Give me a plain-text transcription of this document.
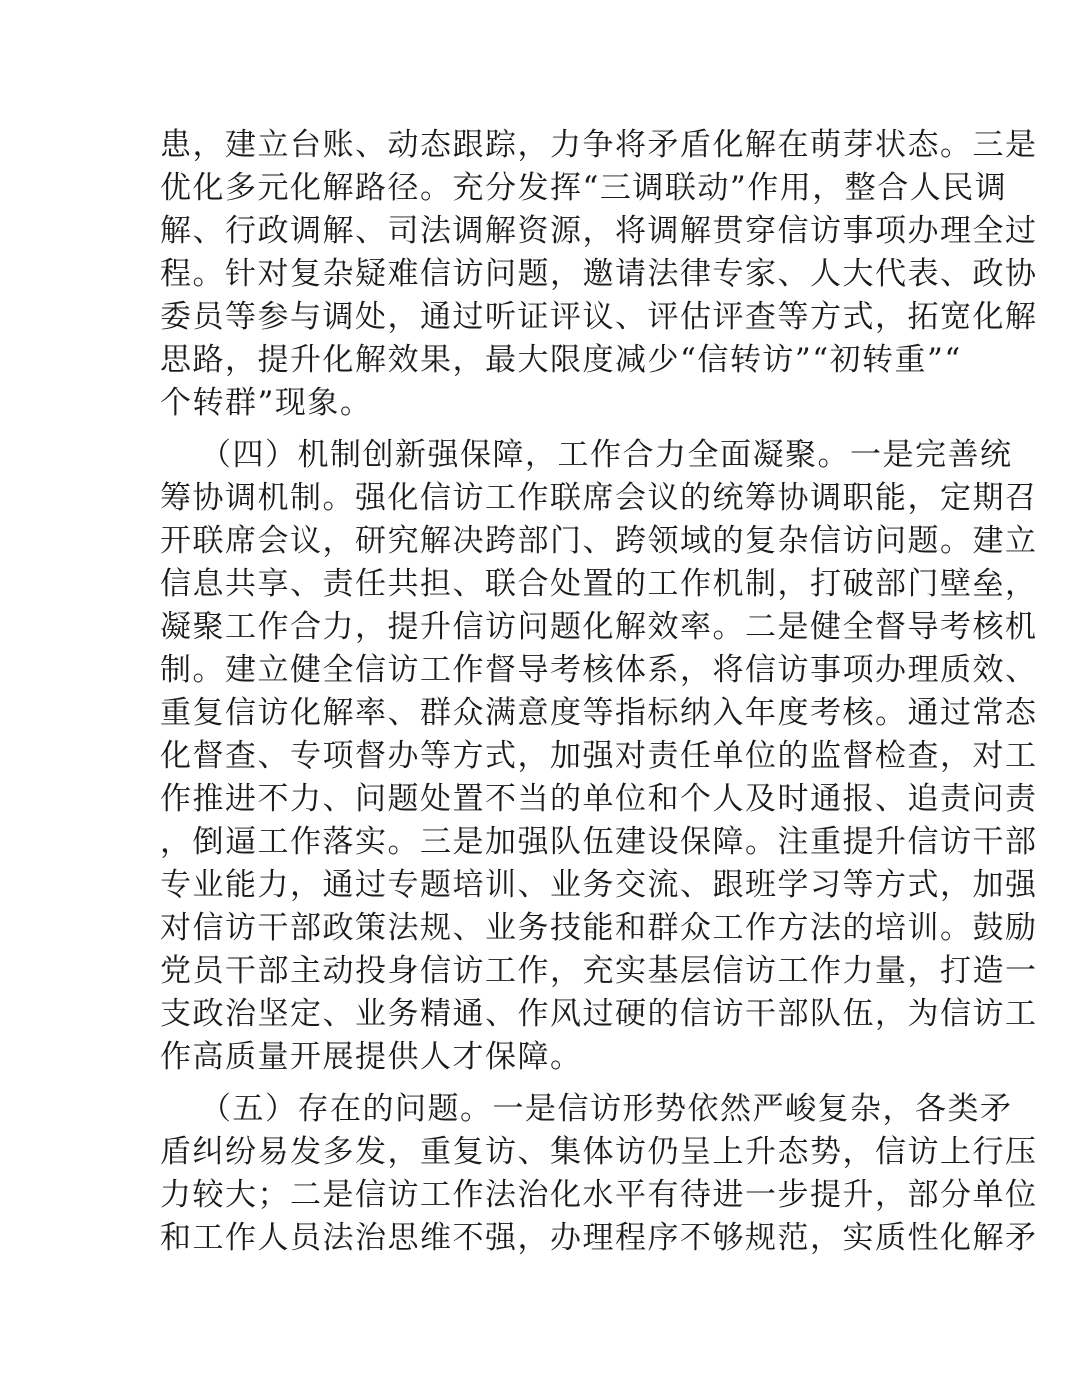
患，建立台账、动态跟踪，力争将矛盾化解在萌芽状态。三是
优化多元化解路径。充分发挥“三调联动”作用，整合人民调
解、行政调解、司法调解资源，将调解贯穿信访事项办理全过
程。针对复杂疑难信访问题，邀请法律专家、人大代表、政协
委员等参与调处，通过听证评议、评估评查等方式，拓宽化解
思路，提升化解效果，最大限度减少“信转访”“初转重”“
个转群”现象。
（四）机制创新强保障，工作合力全面凝聚。一是完善统
筹协调机制。强化信访工作联席会议的统筹协调职能，定期召
开联席会议，研究解决跨部门、跨领域的复杂信访问题。建立
信息共享、责任共担、联合处置的工作机制，打破部门壁垒，
凝聚工作合力，提升信访问题化解效率。二是健全督导考核机
制。建立健全信访工作督导考核体系，将信访事项办理质效、
重复信访化解率、群众满意度等指标纳入年度考核。通过常态
化督查、专项督办等方式，加强对责任单位的监督检查，对工
作推进不力、问题处置不当的单位和个人及时通报、追责问责
，倒逼工作落实。三是加强队伍建设保障。注重提升信访干部
专业能力，通过专题培训、业务交流、跟班学习等方式，加强
对信访干部政策法规、业务技能和群众工作方法的培训。鼓励
党员干部主动投身信访工作，充实基层信访工作力量，打造一
支政治坚定、业务精通、作风过硬的信访干部队伍，为信访工
作高质量开展提供人才保障。
（五）存在的问题。一是信访形势依然严峻复杂，各类矛
盾纠纷易发多发，重复访、集体访仍呈上升态势，信访上行压
力较大；二是信访工作法治化水平有待进一步提升，部分单位
和工作人员法治思维不强，办理程序不够规范，实质性化解矛
